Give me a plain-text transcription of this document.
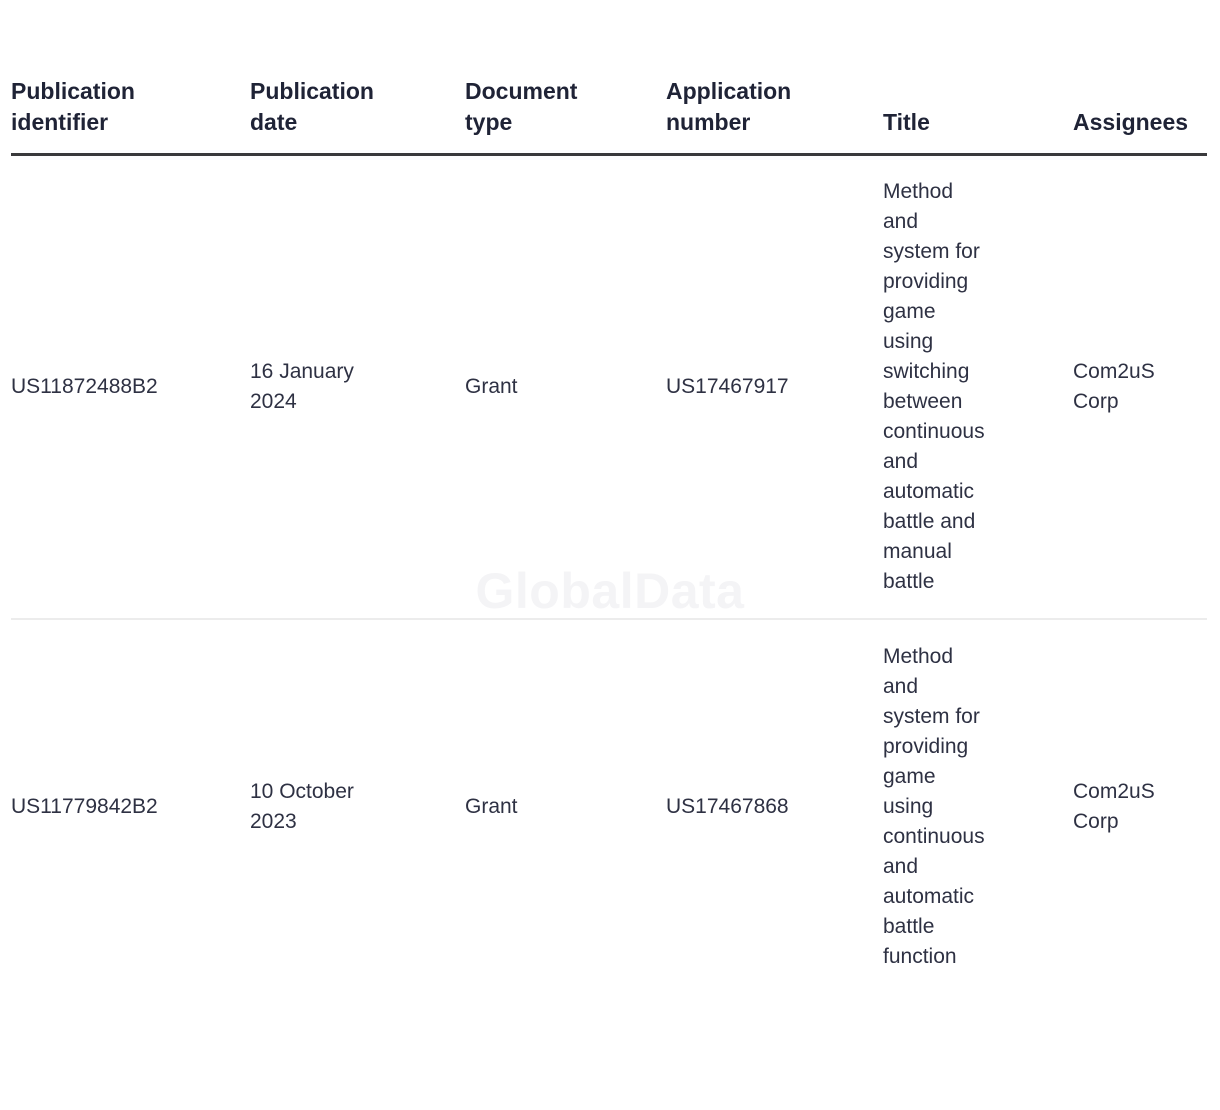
GlobalData
Publication identifier	Publication date	Document type	Application number	Title	Assignees

US11872488B2	16 January 2024	Grant	US17467917	Method and system for providing game using switching between continuous and automatic battle and manual battle	Com2uS Corp

US11779842B2	10 October 2023	Grant	US17467868	Method and system for providing game using continuous and automatic battle function	Com2uS Corp
